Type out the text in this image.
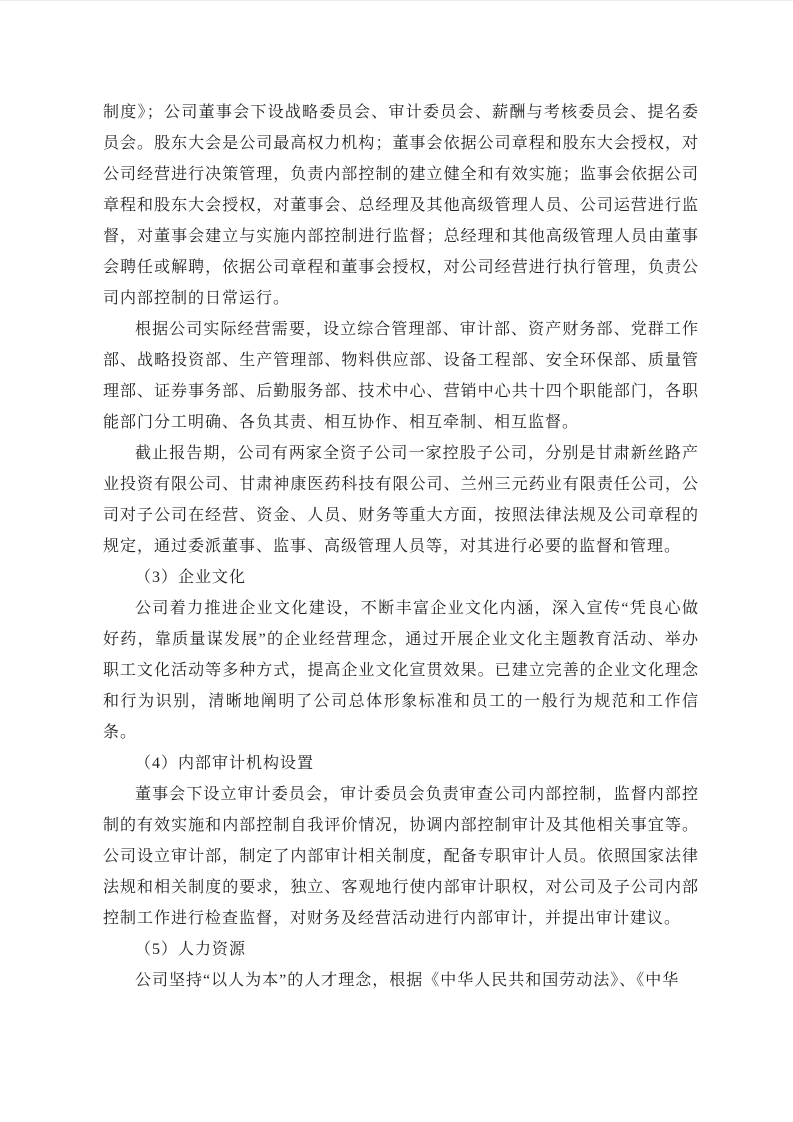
制度》；公司董事会下设战略委员会、审计委员会、薪酬与考核委员会、提名委员会。股东大会是公司最高权力机构；董事会依据公司章程和股东大会授权，对公司经营进行决策管理，负责内部控制的建立健全和有效实施；监事会依据公司章程和股东大会授权，对董事会、总经理及其他高级管理人员、公司运营进行监督，对董事会建立与实施内部控制进行监督；总经理和其他高级管理人员由董事会聘任或解聘，依据公司章程和董事会授权，对公司经营进行执行管理，负责公司内部控制的日常运行。

根据公司实际经营需要，设立综合管理部、审计部、资产财务部、党群工作部、战略投资部、生产管理部、物料供应部、设备工程部、安全环保部、质量管理部、证券事务部、后勤服务部、技术中心、营销中心共十四个职能部门，各职能部门分工明确、各负其责、相互协作、相互牵制、相互监督。

截止报告期，公司有两家全资子公司一家控股子公司，分别是甘肃新丝路产业投资有限公司、甘肃神康医药科技有限公司、兰州三元药业有限责任公司，公司对子公司在经营、资金、人员、财务等重大方面，按照法律法规及公司章程的规定，通过委派董事、监事、高级管理人员等，对其进行必要的监督和管理。

（3）企业文化

公司着力推进企业文化建设，不断丰富企业文化内涵，深入宣传“凭良心做好药，靠质量谋发展”的企业经营理念，通过开展企业文化主题教育活动、举办职工文化活动等多种方式，提高企业文化宣贯效果。已建立完善的企业文化理念和行为识别，清晰地阐明了公司总体形象标准和员工的一般行为规范和工作信条。

（4）内部审计机构设置

董事会下设立审计委员会，审计委员会负责审查公司内部控制，监督内部控制的有效实施和内部控制自我评价情况，协调内部控制审计及其他相关事宜等。公司设立审计部，制定了内部审计相关制度，配备专职审计人员。依照国家法律法规和相关制度的要求，独立、客观地行使内部审计职权，对公司及子公司内部控制工作进行检查监督，对财务及经营活动进行内部审计，并提出审计建议。

（5）人力资源

公司坚持“以人为本”的人才理念，根据《中华人民共和国劳动法》、《中华
